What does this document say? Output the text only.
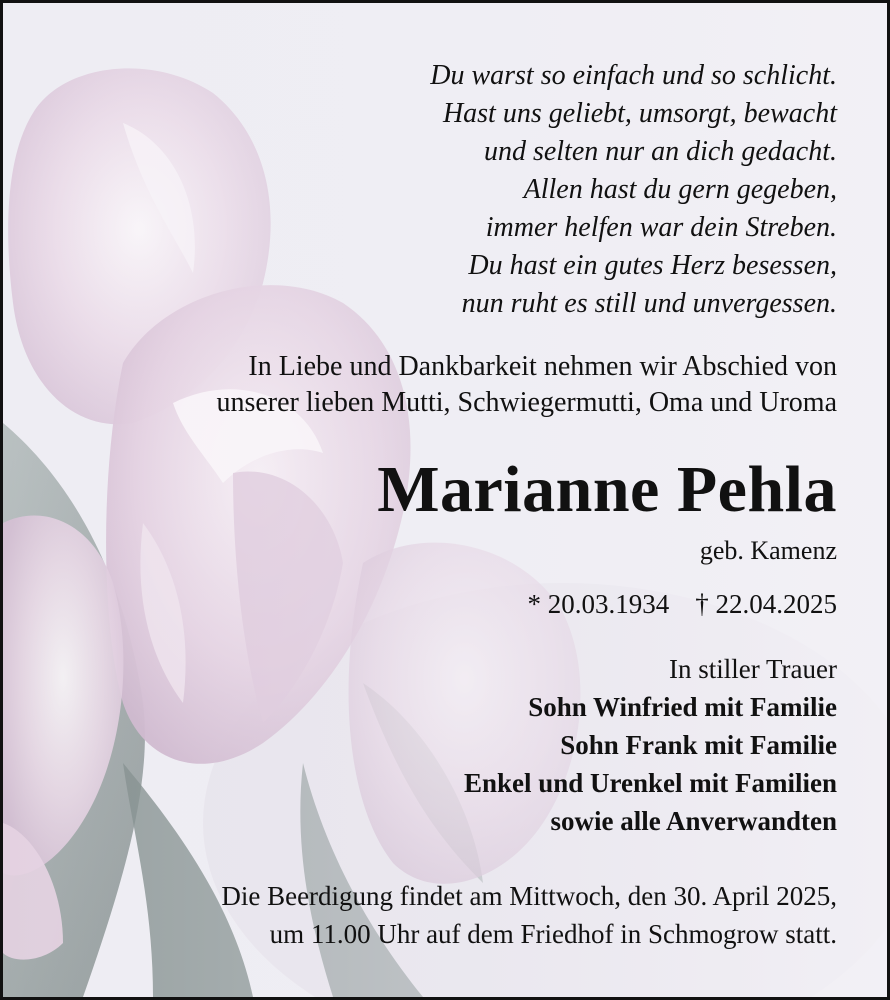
Du warst so einfach und so schlicht.
Hast uns geliebt, umsorgt, bewacht
und selten nur an dich gedacht.
Allen hast du gern gegeben,
immer helfen war dein Streben.
Du hast ein gutes Herz besessen,
nun ruht es still und unvergessen.
In Liebe und Dankbarkeit nehmen wir Abschied von
unserer lieben Mutti, Schwiegermutti, Oma und Uroma
Marianne Pehla
geb. Kamenz
* 20.03.1934 † 22.04.2025
In stiller Trauer
Sohn Winfried mit Familie
Sohn Frank mit Familie
Enkel und Urenkel mit Familien
sowie alle Anverwandten
Die Beerdigung findet am Mittwoch, den 30. April 2025,
um 11.00 Uhr auf dem Friedhof in Schmogrow statt.
